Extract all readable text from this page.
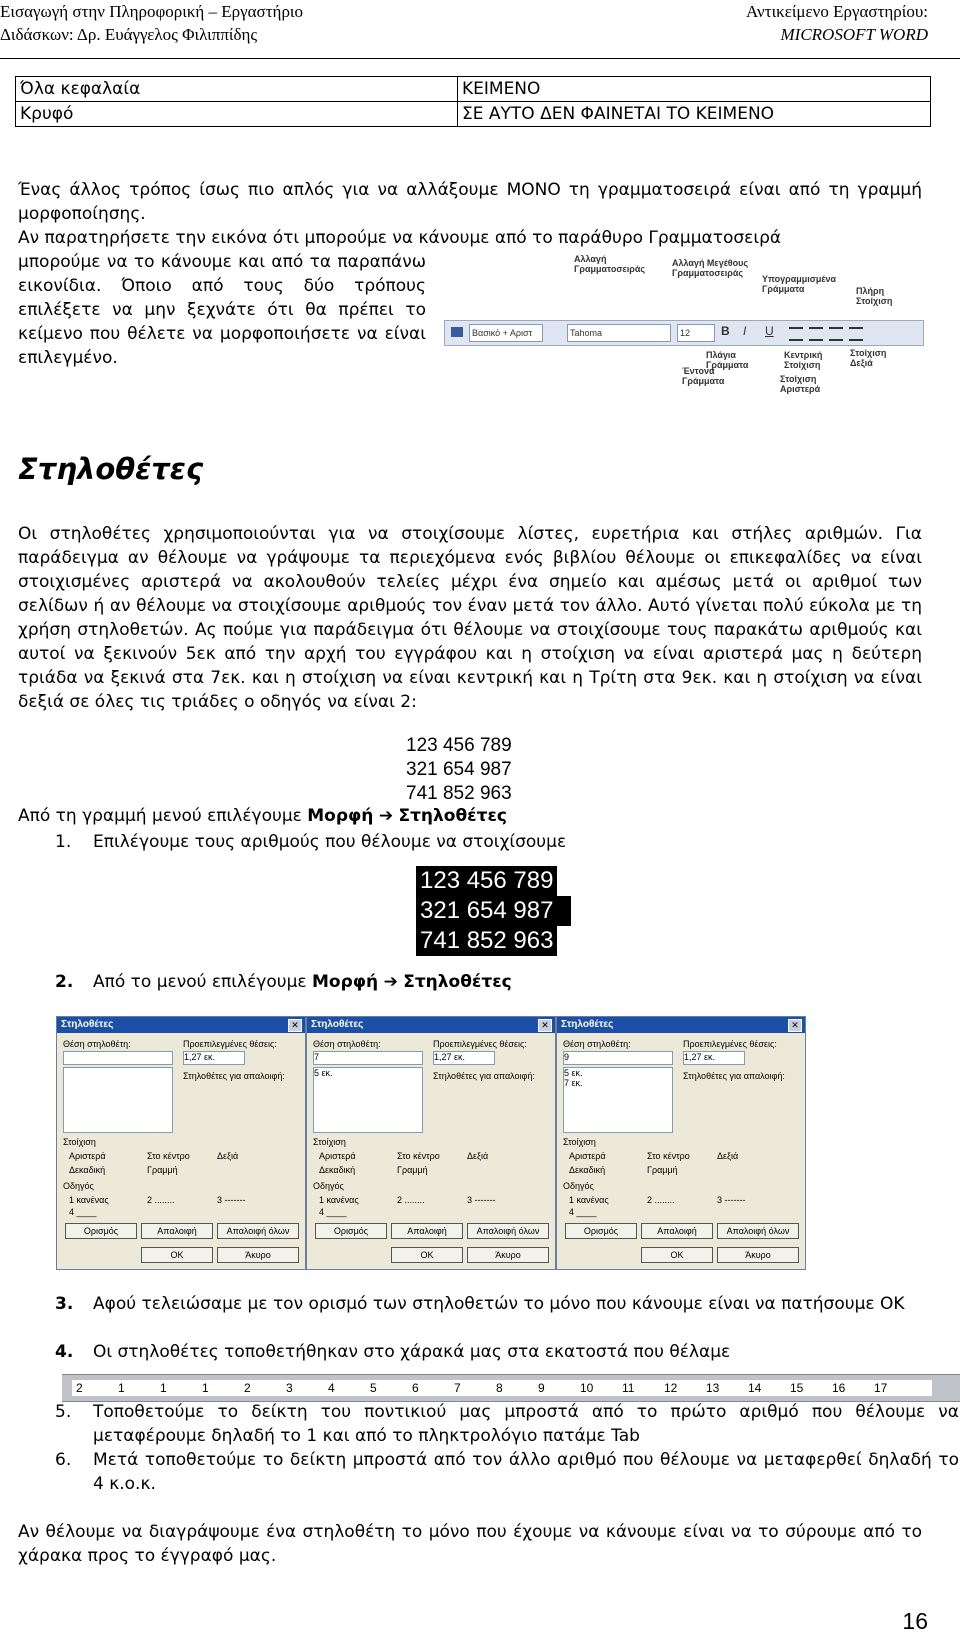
Εισαγωγή στην Πληροφορική – Εργαστήριο
Διδάσκων: Δρ. Ευάγγελος Φιλιππίδης
Αντικείμενο Εργαστηρίου:
MICROSOFT WORD
Όλα κεφαλαία	ΚΕΙΜΕΝΟ
Κρυφό	ΣΕ ΑΥΤΟ ΔΕΝ ΦΑΙΝΕΤΑΙ ΤΟ ΚΕΙΜΕΝΟ
Ένας άλλος τρόπος ίσως πιο απλός για να αλλάξουμε ΜΟΝΟ τη γραμματοσειρά είναι από τη γραμμή μορφοποίησης.
Αν παρατηρήσετε την εικόνα ότι μπορούμε να κάνουμε από το παράθυρο Γραμματοσειρά
μπορούμε να το κάνουμε και από τα παραπάνω εικονίδια. Όποιο από τους δύο τρόπους επιλέξετε να μην ξεχνάτε ότι θα πρέπει το κείμενο που θέλετε να μορφοποιήσετε να είναι επιλεγμένο.
Αλλαγή Γραμματοσειράς
Αλλαγή Μεγέθους Γραμματοσειράς
Υπογραμμισμένα Γράμματα	Πλήρη Στοίχιση
Βασικό + Αριστ	Tahoma	12	B I U
Πλάγια Γράμματα
Έντονα Γράμματα
Κεντρική Στοίχιση
Στοίχιση Δεξιά
Στοίχιση Αριστερά
Στηλοθέτες
Οι στηλοθέτες χρησιμοποιούνται για να στοιχίσουμε λίστες, ευρετήρια και στήλες αριθμών. Για παράδειγμα αν θέλουμε να γράψουμε τα περιεχόμενα ενός βιβλίου θέλουμε οι επικεφαλίδες να είναι στοιχισμένες αριστερά να ακολουθούν τελείες μέχρι ένα σημείο και αμέσως μετά οι αριθμοί των σελίδων ή αν θέλουμε να στοιχίσουμε αριθμούς τον έναν μετά τον άλλο. Αυτό γίνεται πολύ εύκολα με τη χρήση στηλοθετών. Ας πούμε για παράδειγμα ότι θέλουμε να στοιχίσουμε τους παρακάτω αριθμούς και αυτοί να ξεκινούν 5εκ από την αρχή του εγγράφου και η στοίχιση να είναι αριστερά μας η δεύτερη τριάδα να ξεκινά στα 7εκ. και η στοίχιση να είναι κεντρική και η Τρίτη στα 9εκ. και η στοίχιση να είναι δεξιά σε όλες τις τριάδες ο οδηγός να είναι 2:
123 456 789
321 654 987
741 852 963
Από τη γραμμή μενού επιλέγουμε Μορφή ➔ Στηλοθέτες
1. Επιλέγουμε τους αριθμούς που θέλουμε να στοιχίσουμε
123 456 789
321 654 987
741 852 963
2. Από το μενού επιλέγουμε Μορφή ➔ Στηλοθέτες
Στηλοθέτες	✕
Θέση στηλοθέτη:	Προεπιλεγμένες θέσεις:
1,27 εκ.
Στηλοθέτες για απαλοιφή:
Στοίχιση
Αριστερά	Στο κέντρο	Δεξιά
Δεκαδική	Γραμμή
Οδηγός
1 κανένας	2 ........	3 -------
4 ____
Ορισμός	Απαλοιφή	Απαλοιφή όλων
OK	Άκυρο
Στηλοθέτες	✕
Θέση στηλοθέτη:	Προεπιλεγμένες θέσεις:
7	1,27 εκ.
5 εκ.	Στηλοθέτες για απαλοιφή:
Στοίχιση
Αριστερά	Στο κέντρο	Δεξιά
Δεκαδική	Γραμμή
Οδηγός
1 κανένας	2 ........	3 -------
4 ____
Ορισμός	Απαλοιφή	Απαλοιφή όλων
OK	Άκυρο
Στηλοθέτες	✕
Θέση στηλοθέτη:	Προεπιλεγμένες θέσεις:
9	1,27 εκ.
5 εκ.
7 εκ.
Στηλοθέτες για απαλοιφή:
Στοίχιση
Αριστερά	Στο κέντρο	Δεξιά
Δεκαδική	Γραμμή
Οδηγός
1 κανένας	2 ........	3 -------
4 ____
Ορισμός	Απαλοιφή	Απαλοιφή όλων
OK	Άκυρο
3. Αφού τελειώσαμε με τον ορισμό των στηλοθετών το μόνο που κάνουμε είναι να πατήσουμε ΟΚ
4. Οι στηλοθέτες τοποθετήθηκαν στο χάρακά μας στα εκατοστά που θέλαμε
2	1	1	1	2	3	4	5	6	7	8	9	10 11 12 13 14 15 16 17
5. Τοποθετούμε το δείκτη του ποντικιού μας μπροστά από το πρώτο αριθμό που θέλουμε να μεταφέρουμε δηλαδή το 1 και από το πληκτρολόγιο πατάμε Tab
6. Μετά τοποθετούμε το δείκτη μπροστά από τον άλλο αριθμό που θέλουμε να μεταφερθεί δηλαδή το 4 κ.ο.κ.
Αν θέλουμε να διαγράψουμε ένα στηλοθέτη το μόνο που έχουμε να κάνουμε είναι να το σύρουμε από το χάρακα προς το έγγραφό μας.
16
